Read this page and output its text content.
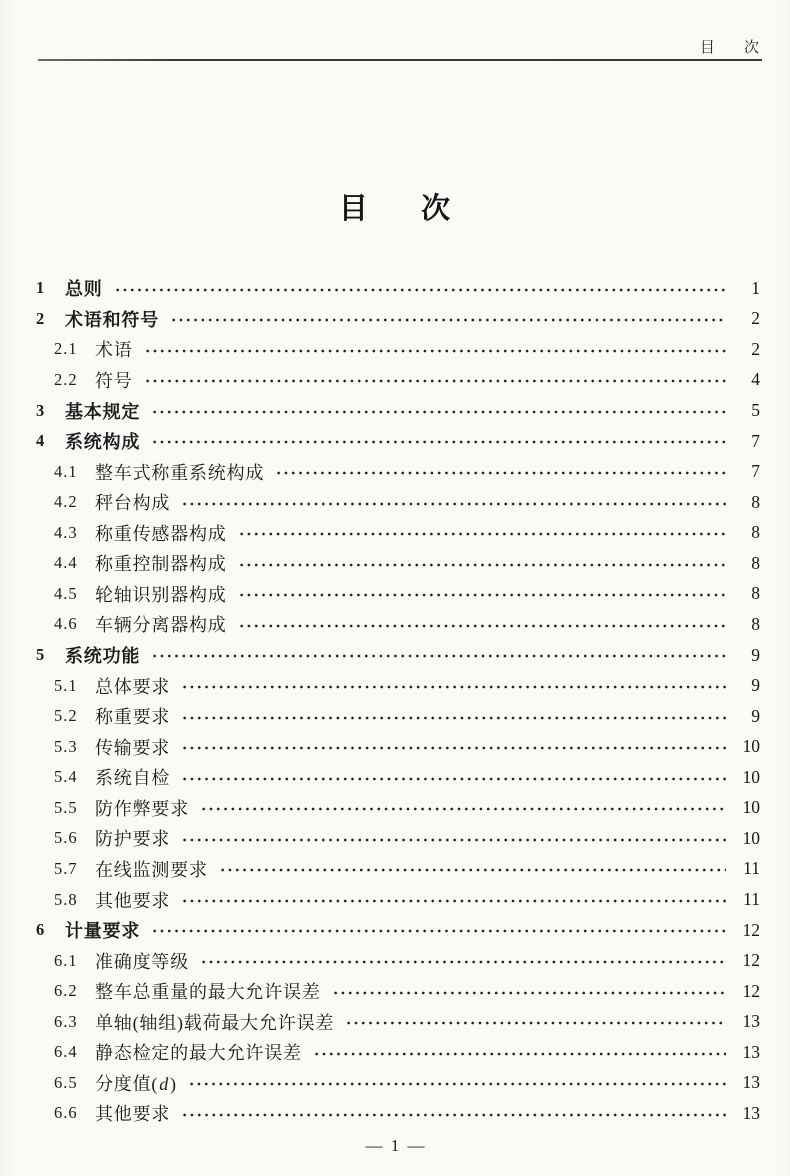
目 次
目 次
1	总则	1
2	术语和符号	2
2.1 术语	2
2.2 符号	4
3	基本规定	5
4	系统构成	7
4.1 整车式称重系统构成	7
4.2 秤台构成	8
4.3 称重传感器构成	8
4.4 称重控制器构成	8
4.5 轮轴识别器构成	8
4.6 车辆分离器构成	8
5	系统功能	9
5.1 总体要求	9
5.2 称重要求	9
5.3 传输要求	10
5.4 系统自检	10
5.5 防作弊要求	10
5.6 防护要求	10
5.7 在线监测要求	11
5.8 其他要求	11
6	计量要求	12
6.1 准确度等级	12
6.2 整车总重量的最大允许误差	12
6.3 单轴(轴组)载荷最大允许误差	13
6.4 静态检定的最大允许误差	13
6.5 分度值(d)	13
6.6 其他要求	13
— 1 —
